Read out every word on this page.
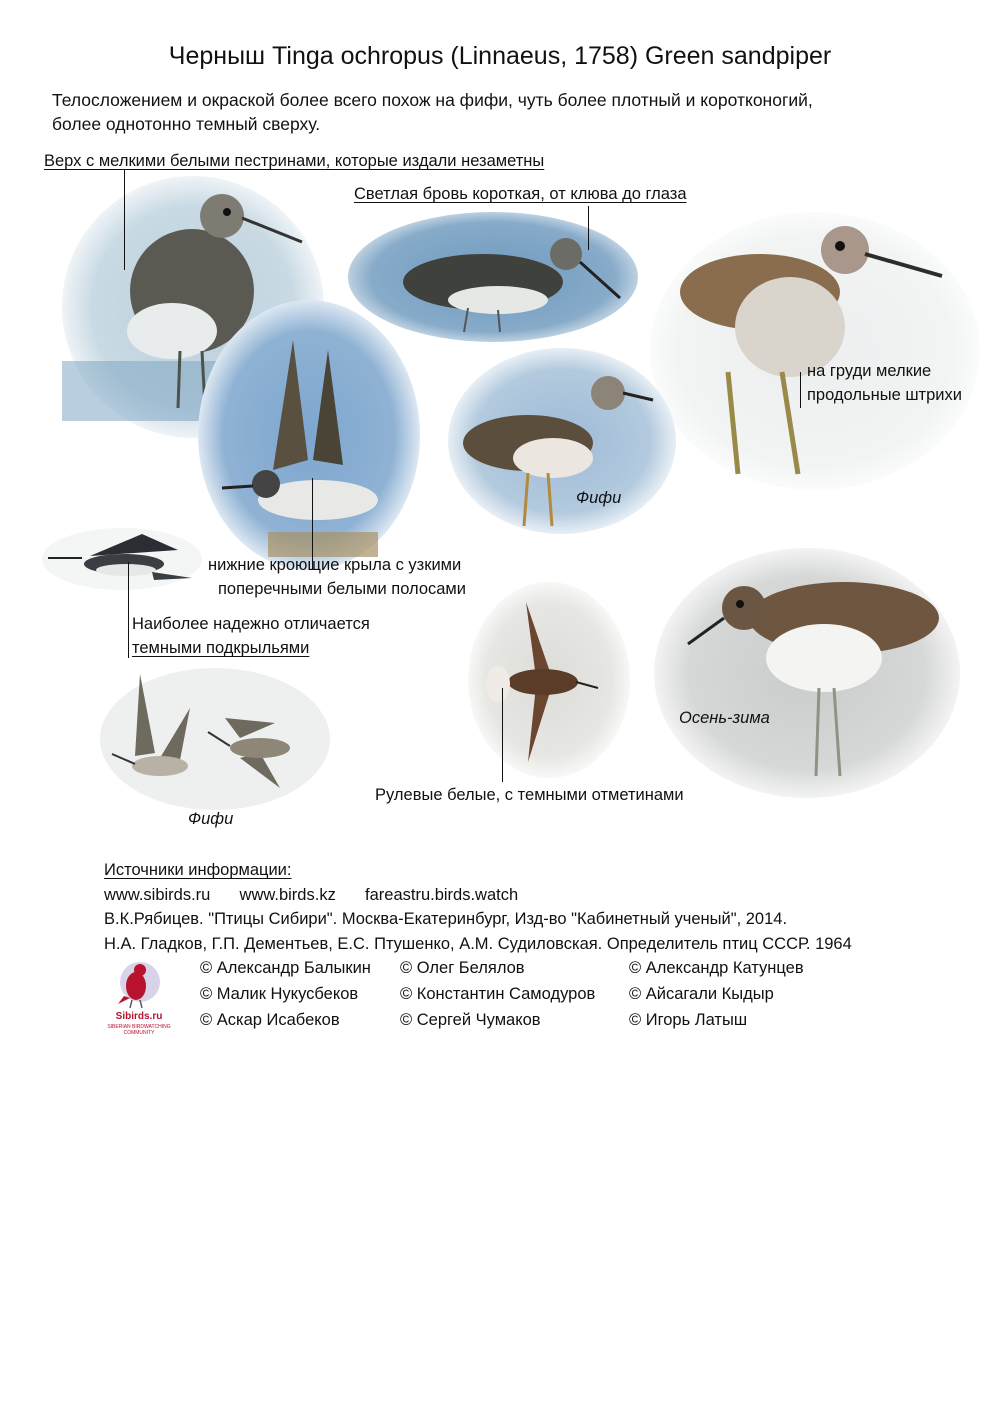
Черныш Tinga ochropus (Linnaeus, 1758) Green sandpiper
Телосложением и окраской более всего похож на фифи, чуть более плотный и коротконогий,
более однотонно темный сверху.
Верх с мелкими белыми пестринами, которые издали незаметны
Светлая бровь короткая, от клюва до глаза
на груди мелкие
продольные штрихи
Фифи
нижние кроющие крыла с узкими
поперечными белыми полосами
Наиболее надежно отличается
темными подкрыльями
Осень-зима
Рулевые белые, с темными отметинами
Фифи
Источники информации:
www.sibirds.ru www.birds.kz fareastru.birds.watch
В.К.Рябицев. "Птицы Сибири". Москва-Екатеринбург, Изд-во "Кабинетный ученый", 2014.
Н.А. Гладков, Г.П. Дементьев, Е.С. Птушенко, А.М. Судиловская. Определитель птиц СССР. 1964
Sibirds.ru
SIBERIAN BIRDWATCHING
COMMUNITY
© Александр Балыкин
© Малик Нукусбеков
© Аскар Исабеков
© Олег Белялов
© Константин Самодуров
© Сергей Чумаков
© Александр Катунцев
© Айсагали Кыдыр
© Игорь Латыш
